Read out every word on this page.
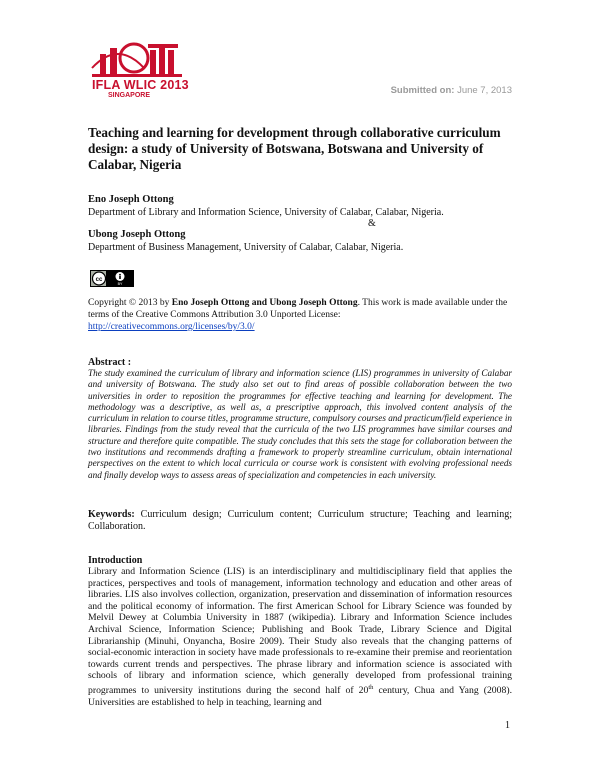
IFLA WLIC 2013
SINGAPORE	Submitted on: June 7, 2013
Teaching and learning for development through collaborative curriculum design: a study of University of Botswana, Botswana and University of Calabar, Nigeria
Eno Joseph Ottong
Department of Library and Information Science, University of Calabar, Calabar, Nigeria.
&
Ubong Joseph Ottong
Department of Business Management, University of Calabar, Calabar, Nigeria.
cc
BY
Copyright © 2013 by Eno Joseph Ottong and Ubong Joseph Ottong. This work is made available under the terms of the Creative Commons Attribution 3.0 Unported License:
http://creativecommons.org/licenses/by/3.0/
Abstract :
The study examined the curriculum of library and information science (LIS) programmes in university of Calabar and university of Botswana. The study also set out to find areas of possible collaboration between the two universities in order to reposition the programmes for effective teaching and learning for development. The methodology was a descriptive, as well as, a prescriptive approach, this involved content analysis of the curriculum in relation to course titles, programme structure, compulsory courses and practicum/field experience in libraries. Findings from the study reveal that the curricula of the two LIS programmes have similar courses and structure and therefore quite compatible. The study concludes that this sets the stage for collaboration between the two institutions and recommends drafting a framework to properly streamline curriculum, obtain international perspectives on the extent to which local curricula or course work is consistent with evolving professional needs and finally develop ways to assess areas of specialization and competencies in each university.
Keywords: Curriculum design; Curriculum content; Curriculum structure; Teaching and learning; Collaboration.
Introduction
Library and Information Science (LIS) is an interdisciplinary and multidisciplinary field that applies the practices, perspectives and tools of management, information technology and education and other areas of libraries. LIS also involves collection, organization, preservation and dissemination of information resources and the political economy of information. The first American School for Library Science was founded by Melvil Dewey at Columbia University in 1887 (wikipedia). Library and Information Science includes Archival Science, Information Science; Publishing and Book Trade, Library Science and Digital Librarianship (Minuhi, Onyancha, Bosire 2009). Their Study also reveals that the changing patterns of social-economic interaction in society have made professionals to re-examine their premise and reorientation towards current trends and perspectives. The phrase library and information science is associated with schools of library and information science, which generally developed from professional training programmes to university institutions during the second half of 20th century, Chua and Yang (2008). Universities are established to help in teaching, learning and
1
